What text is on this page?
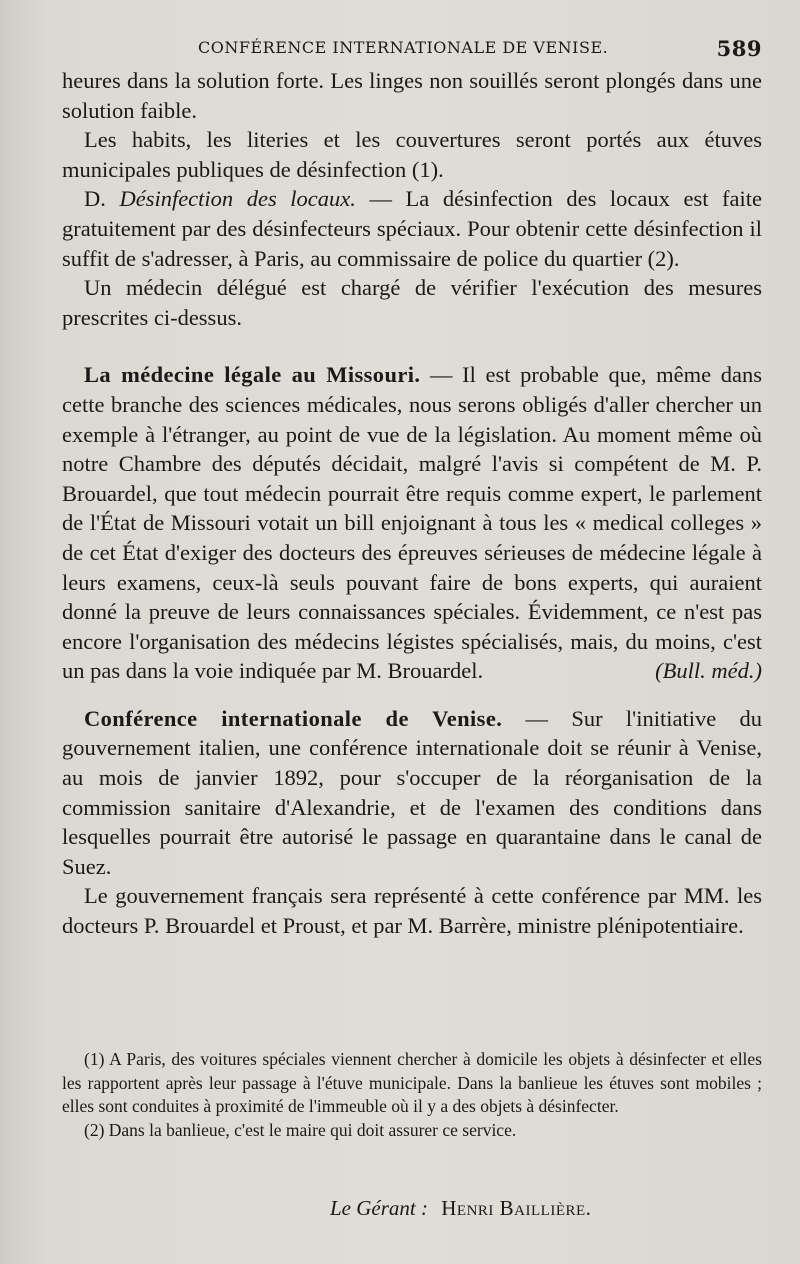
CONFÉRENCE INTERNATIONALE DE VENISE.	589

heures dans la solution forte. Les linges non souillés seront plongés dans une solution faible.

Les habits, les literies et les couvertures seront portés aux étuves municipales publiques de désinfection (1).

D. Désinfection des locaux. — La désinfection des locaux est faite gratuitement par des désinfecteurs spéciaux. Pour obtenir cette désinfection il suffit de s'adresser, à Paris, au commissaire de police du quartier (2).

Un médecin délégué est chargé de vérifier l'exécution des mesures prescrites ci-dessus.

La médecine légale au Missouri. — Il est probable que, même dans cette branche des sciences médicales, nous serons obligés d'aller chercher un exemple à l'étranger, au point de vue de la législation. Au moment même où notre Chambre des députés décidait, malgré l'avis si compétent de M. P. Brouardel, que tout médecin pourrait être requis comme expert, le parlement de l'État de Missouri votait un bill enjoignant à tous les « medical colleges » de cet État d'exiger des docteurs des épreuves sérieuses de médecine légale à leurs examens, ceux-là seuls pouvant faire de bons experts, qui auraient donné la preuve de leurs connaissances spéciales. Évidemment, ce n'est pas encore l'organisation des médecins légistes spécialisés, mais, du moins, c'est un pas dans la voie indiquée par M. Brouardel.	(Bull. méd.)

Conférence internationale de Venise. — Sur l'initiative du gouvernement italien, une conférence internationale doit se réunir à Venise, au mois de janvier 1892, pour s'occuper de la réorganisation de la commission sanitaire d'Alexandrie, et de l'examen des conditions dans lesquelles pourrait être autorisé le passage en quarantaine dans le canal de Suez.

Le gouvernement français sera représenté à cette conférence par MM. les docteurs P. Brouardel et Proust, et par M. Barrère, ministre plénipotentiaire.

(1) A Paris, des voitures spéciales viennent chercher à domicile les objets à désinfecter et elles les rapportent après leur passage à l'étuve municipale. Dans la banlieue les étuves sont mobiles ; elles sont conduites à proximité de l'immeuble où il y a des objets à désinfecter.

(2) Dans la banlieue, c'est le maire qui doit assurer ce service.

Le Gérant : Henri Baillière.
